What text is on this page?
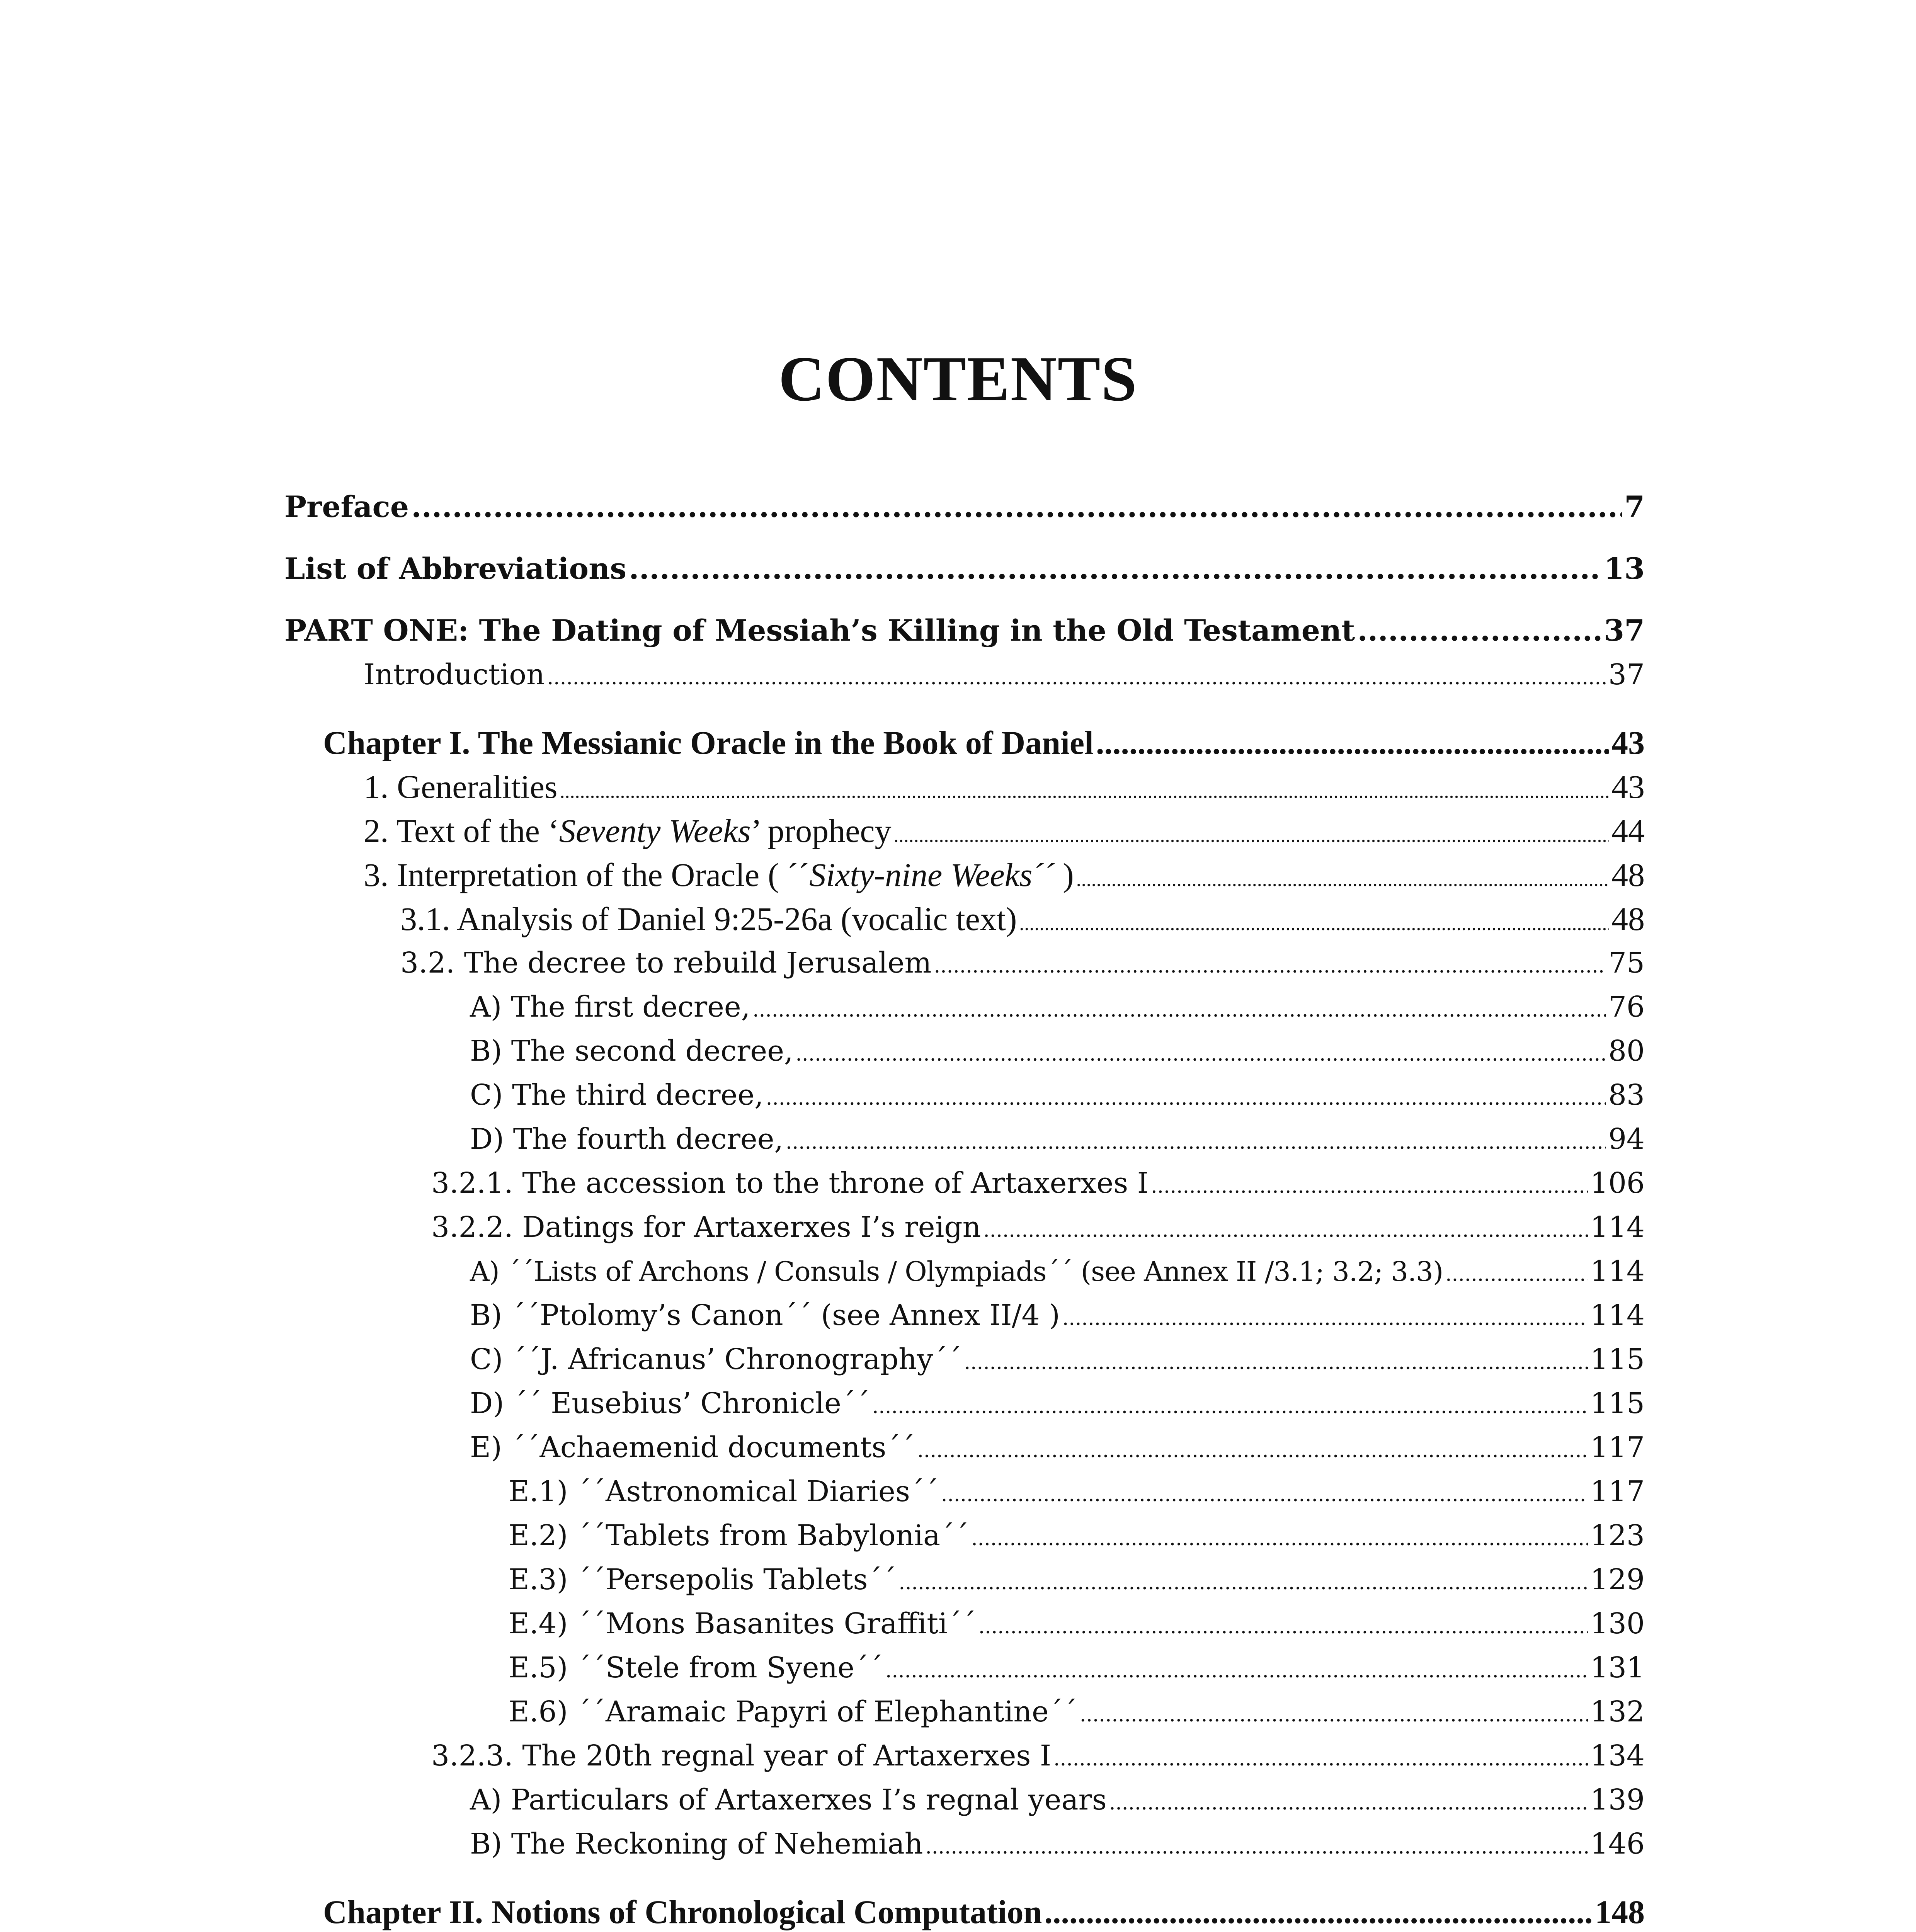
CONTENTS
Preface .....	7
List of Abbreviations .....	13
PART ONE: The Dating of Messiah’s Killing in the Old Testament .....	37
Introduction .....	37
Chapter I. The Messianic Oracle in the Book of Daniel .....	43
1. Generalities .....	43
2. Text of the ‘Seventy Weeks’ prophecy .....	44
3. Interpretation of the Oracle ( ´´Sixty-nine Weeks´´ ) .....	48
3.1. Analysis of Daniel 9:25-26a (vocalic text) .....	48
3.2. The decree to rebuild Jerusalem .....	75
A) The first decree, .....	76
B) The second decree, .....	80
C) The third decree, .....	83
D) The fourth decree, .....	94
3.2.1. The accession to the throne of Artaxerxes I .....	106
3.2.2. Datings for Artaxerxes I’s reign .....	114
A) ´´Lists of Archons / Consuls / Olympiads´´ (see Annex II /3.1; 3.2; 3.3) .....	114
B) ´´Ptolomy’s Canon´´ (see Annex II/4 ) .....	114
C) ´´J. Africanus’ Chronography´´ .....	115
D) ´´ Eusebius’ Chronicle´´ .....	115
E) ´´Achaemenid documents´´ .....	117
E.1) ´´Astronomical Diaries´´ .....	117
E.2) ´´Tablets from Babylonia´´ .....	123
E.3) ´´Persepolis Tablets´´ .....	129
E.4) ´´Mons Basanites Graffiti´´ .....	130
E.5) ´´Stele from Syene´´ .....	131
E.6) ´´Aramaic Papyri of Elephantine´´ .....	132
3.2.3. The 20th regnal year of Artaxerxes I .....	134
A) Particulars of Artaxerxes I’s regnal years .....	139
B) The Reckoning of Nehemiah .....	146
Chapter II. Notions of Chronological Computation .....	148
